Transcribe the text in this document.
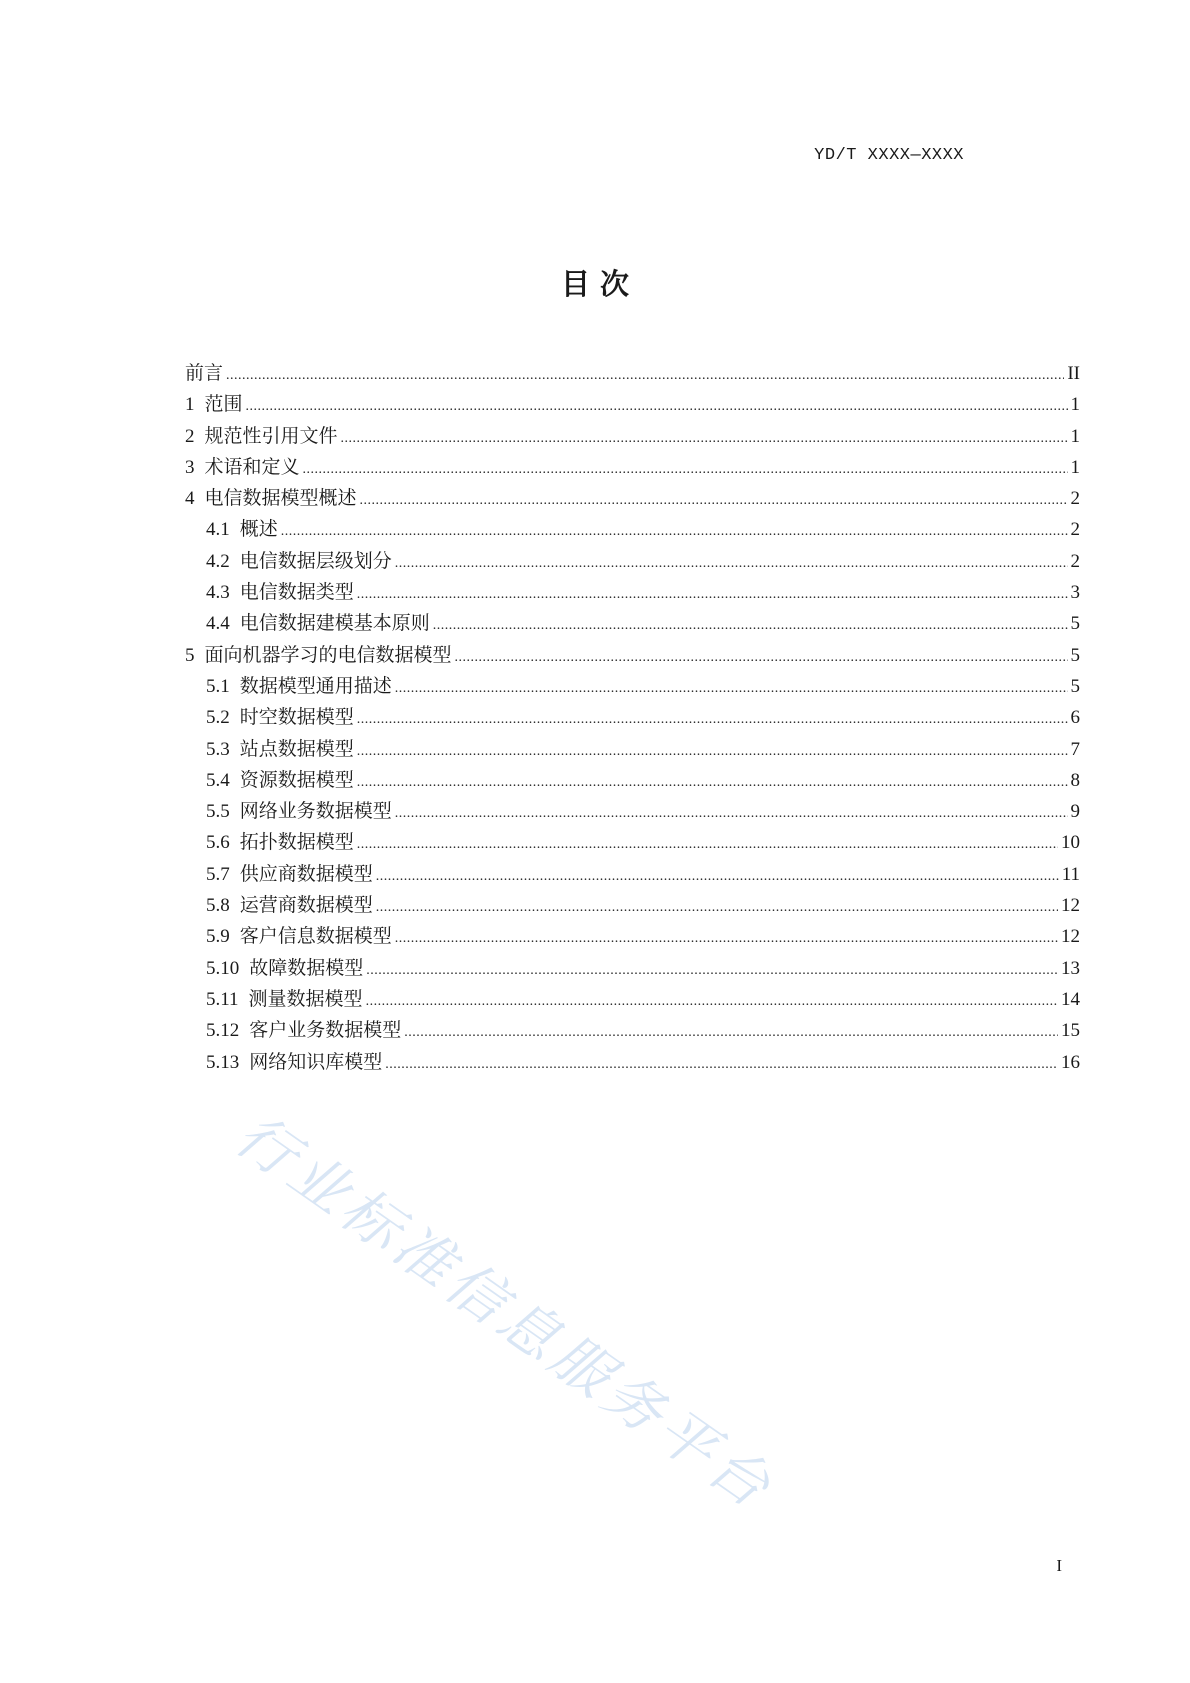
YD/T XXXX—XXXX
目 次
前言 .....	II
1 范围 .....	1
2 规范性引用文件 .....	1
3 术语和定义 .....	1
4 电信数据模型概述 .....	2
4.1 概述 .....	2
4.2 电信数据层级划分 .....	2
4.3 电信数据类型 .....	3
4.4 电信数据建模基本原则 .....	5
5 面向机器学习的电信数据模型 .....	5
5.1 数据模型通用描述 .....	5
5.2 时空数据模型 .....	6
5.3 站点数据模型 .....	7
5.4 资源数据模型 .....	8
5.5 网络业务数据模型 .....	9
5.6 拓扑数据模型 .....	10
5.7 供应商数据模型 .....	11
5.8 运营商数据模型 .....	12
5.9 客户信息数据模型 .....	12
5.10 故障数据模型 .....	13
5.11 测量数据模型 .....	14
5.12 客户业务数据模型 .....	15
5.13 网络知识库模型 .....	16
行业标准信息服务平台
I
